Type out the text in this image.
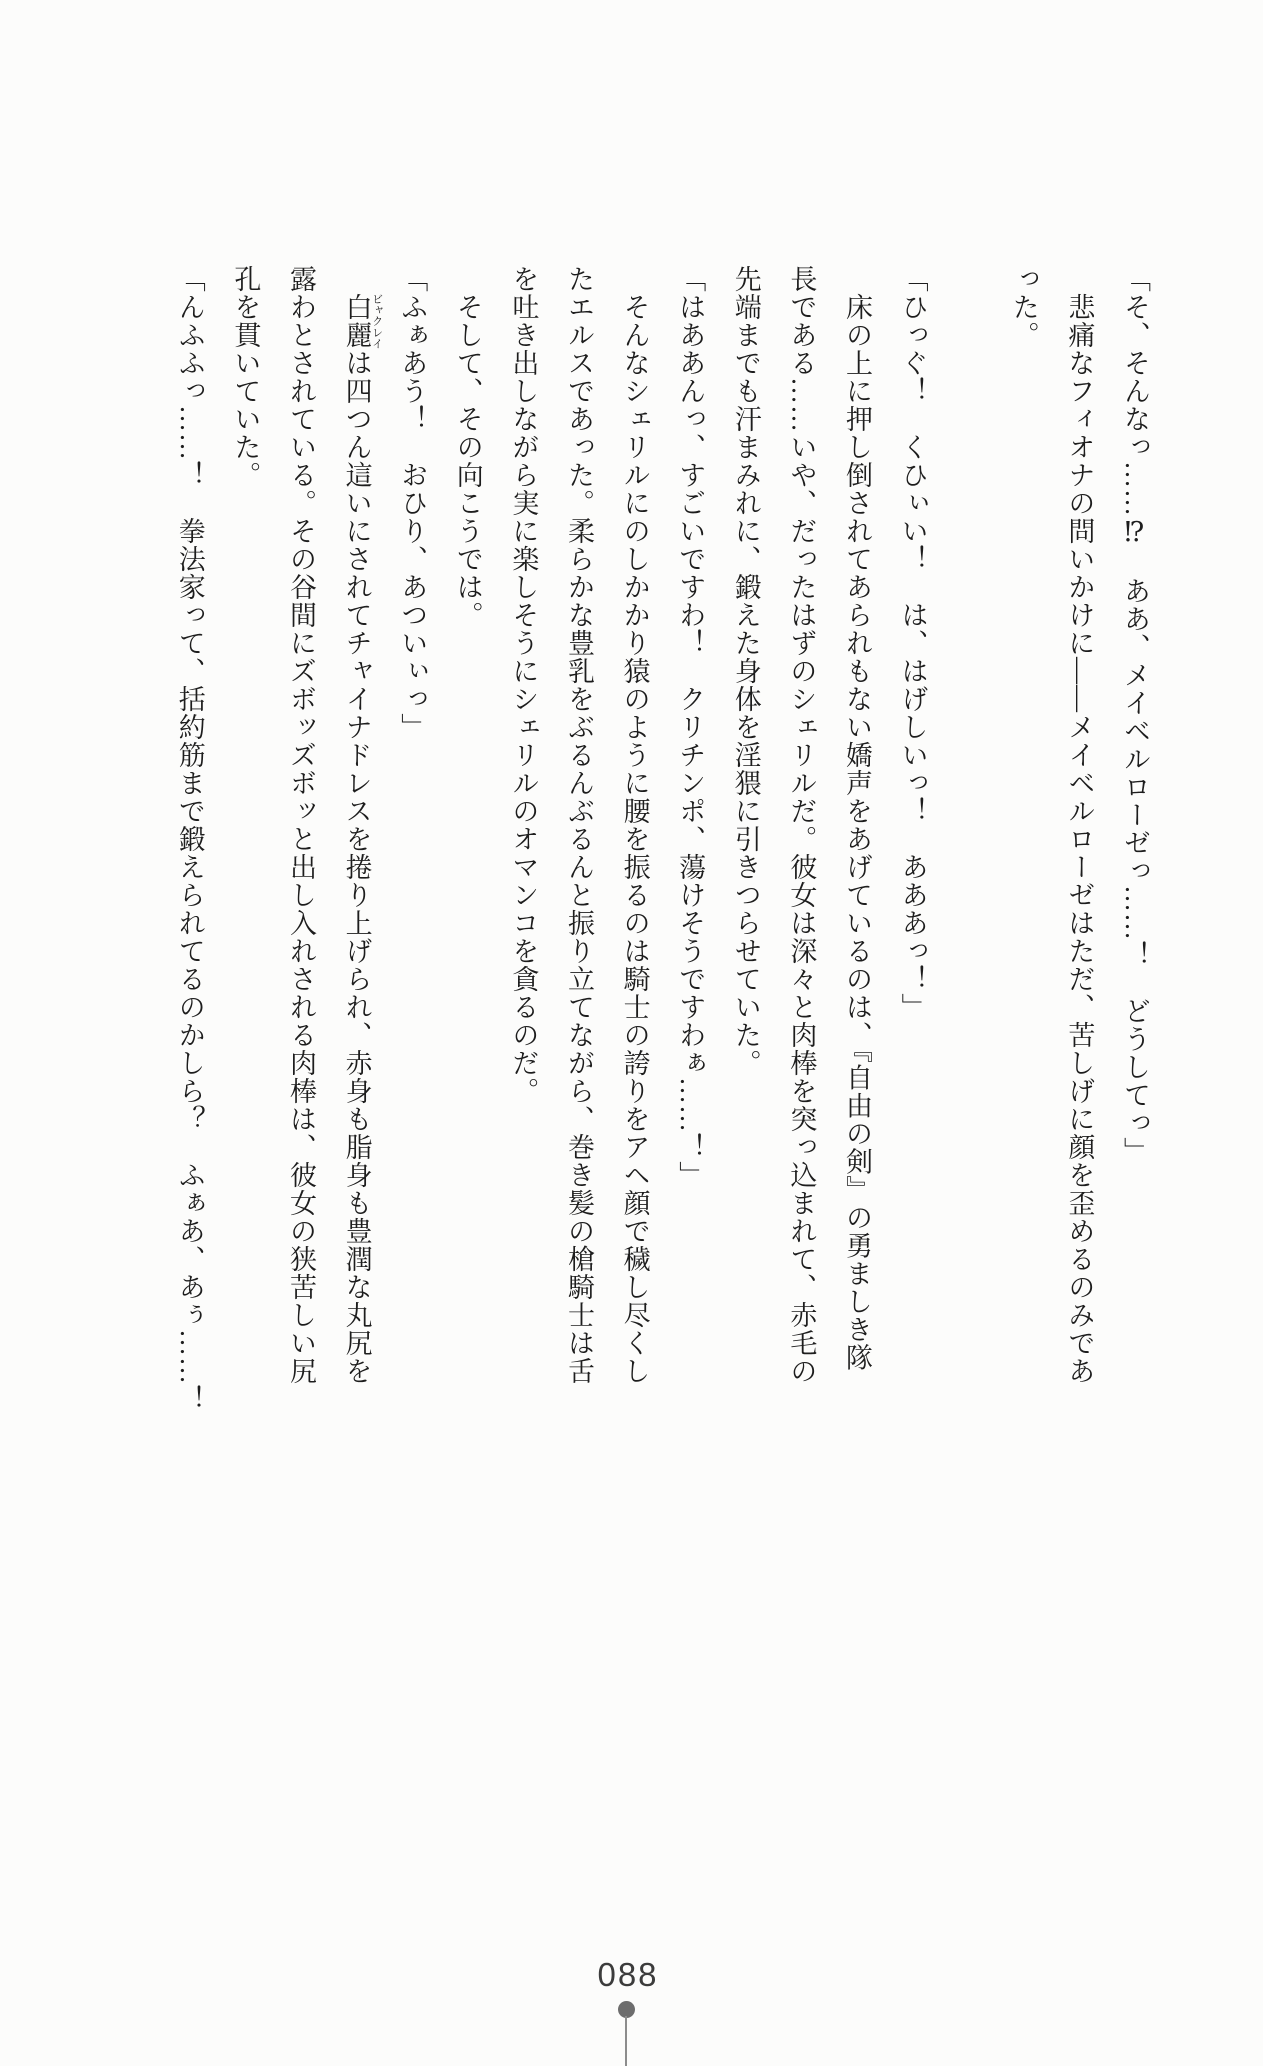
「そ、そんなっ……⁉　ああ、メイベルローゼっ……！　どうしてっ」
悲痛なフィオナの問いかけに――メイベルローゼはただ、苦しげに顔を歪めるのみであ
った。
「ひっぐ！　くひぃい！　は、はげしいっ！　あああっ！」
床の上に押し倒されてあられもない嬌声をあげているのは、『自由の剣』の勇ましき隊
長である……いや、だったはずのシェリルだ。彼女は深々と肉棒を突っ込まれて、赤毛の
先端までも汗まみれに、鍛えた身体を淫猥に引きつらせていた。
「はああんっ、すごいですわ！　クリチンポ、蕩けそうですわぁ……！」
そんなシェリルにのしかかり猿のように腰を振るのは騎士の誇りをアヘ顔で穢し尽くし
たエルスであった。柔らかな豊乳をぶるんぶるんと振り立てながら、巻き髪の槍騎士は舌
を吐き出しながら実に楽しそうにシェリルのオマンコを貪るのだ。
そして、その向こうでは。
「ふぁあう！　おひり、あついぃっ」
白麗 ビャクレイは四つん這いにされてチャイナドレスを捲り上げられ、赤身も脂身も豊潤な丸尻を
露わとされている。その谷間にズボッズボッと出し入れされる肉棒は、彼女の狭苦しい尻
孔を貫いていた。
「んふふっ……！　拳法家って、括約筋まで鍛えられてるのかしら？　ふぁあ、あぅ……！
088
